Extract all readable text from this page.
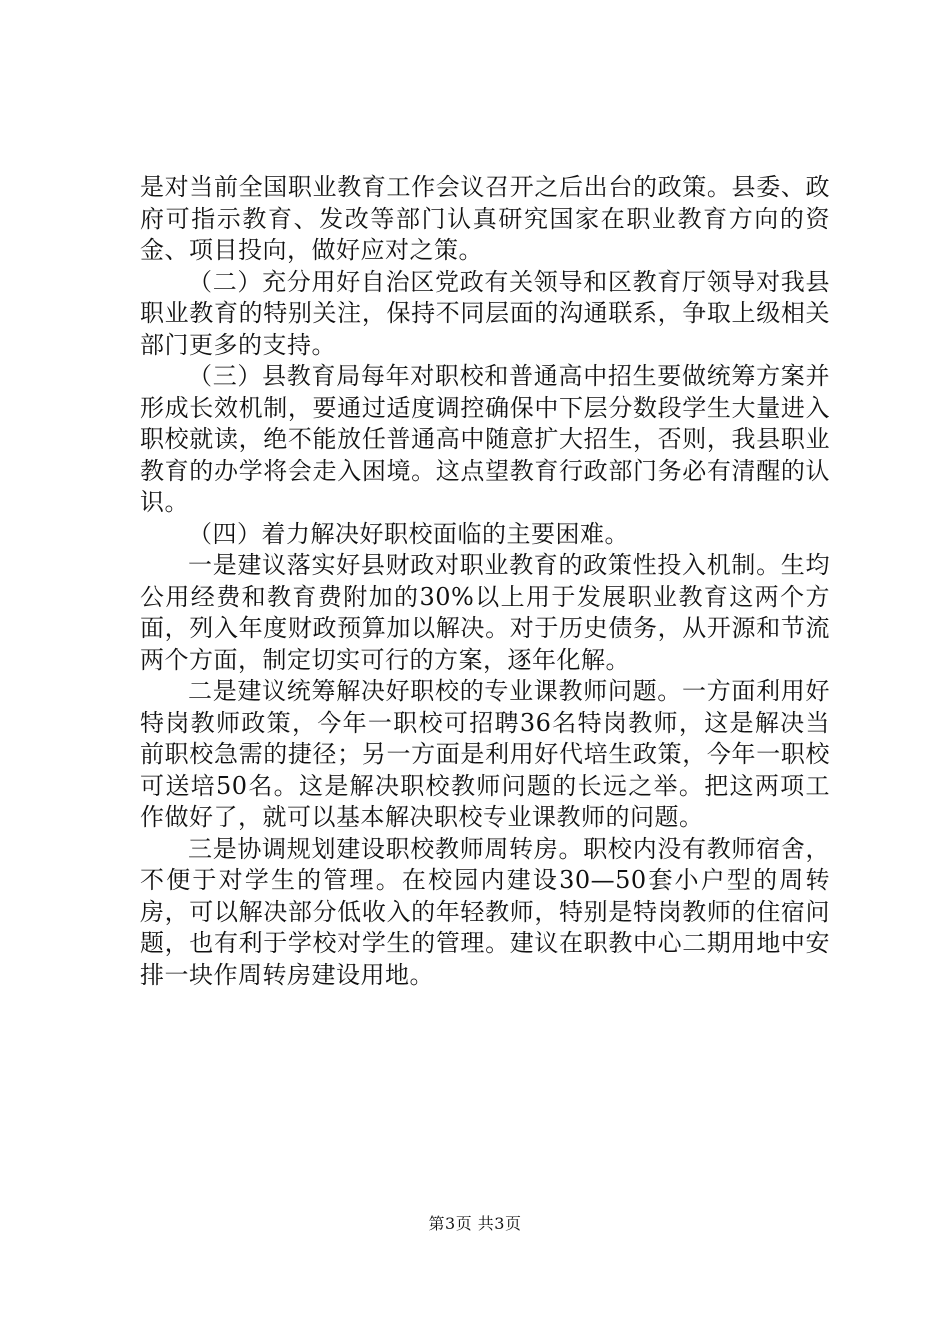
是对当前全国职业教育工作会议召开之后出台的政策。县委、政府可指示教育、发改等部门认真研究国家在职业教育方向的资金、项目投向，做好应对之策。

（二）充分用好自治区党政有关领导和区教育厅领导对我县职业教育的特别关注，保持不同层面的沟通联系，争取上级相关部门更多的支持。

（三）县教育局每年对职校和普通高中招生要做统筹方案并形成长效机制，要通过适度调控确保中下层分数段学生大量进入职校就读，绝不能放任普通高中随意扩大招生，否则，我县职业教育的办学将会走入困境。这点望教育行政部门务必有清醒的认识。

（四）着力解决好职校面临的主要困难。

一是建议落实好县财政对职业教育的政策性投入机制。生均公用经费和教育费附加的30%以上用于发展职业教育这两个方面，列入年度财政预算加以解决。对于历史债务，从开源和节流两个方面，制定切实可行的方案，逐年化解。

二是建议统筹解决好职校的专业课教师问题。一方面利用好特岗教师政策，今年一职校可招聘36名特岗教师，这是解决当前职校急需的捷径；另一方面是利用好代培生政策，今年一职校可送培50名。这是解决职校教师问题的长远之举。把这两项工作做好了，就可以基本解决职校专业课教师的问题。

三是协调规划建设职校教师周转房。职校内没有教师宿舍，不便于对学生的管理。在校园内建设30—50套小户型的周转房，可以解决部分低收入的年轻教师，特别是特岗教师的住宿问题，也有利于学校对学生的管理。建议在职教中心二期用地中安排一块作周转房建设用地。

第3页 共3页
